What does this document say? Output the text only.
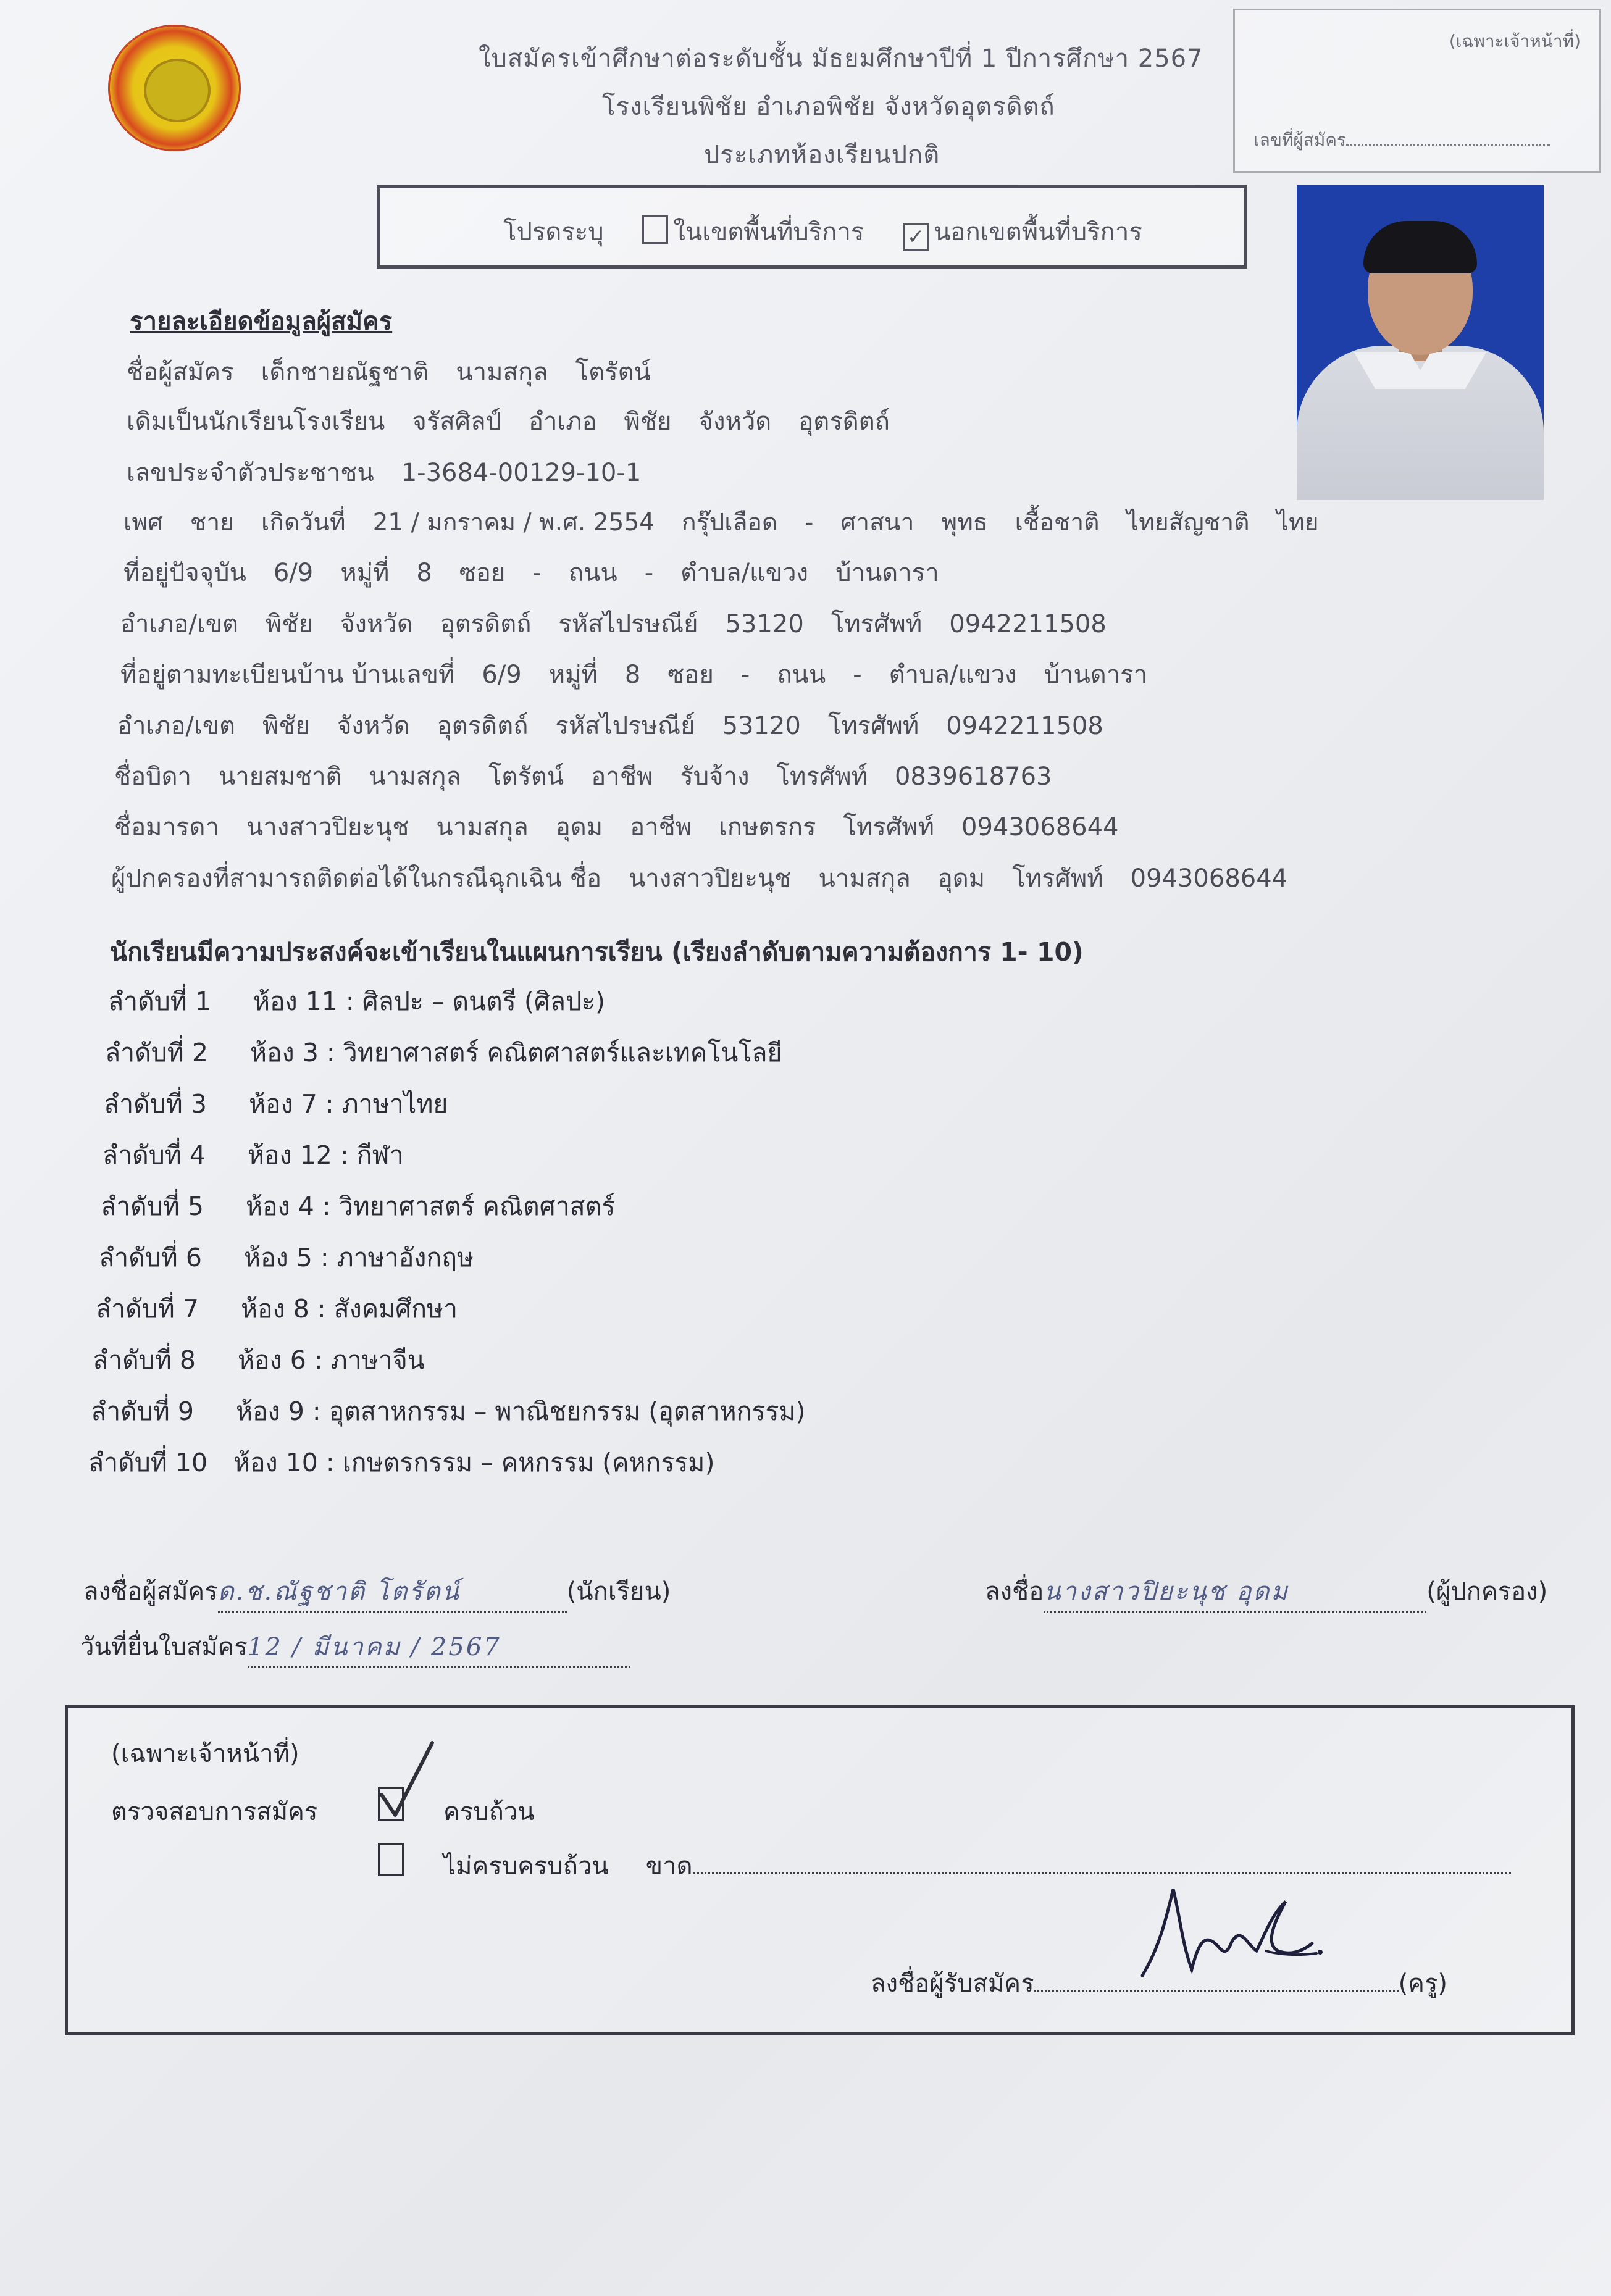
ใบสมัครเข้าศึกษาต่อระดับชั้น มัธยมศึกษาปีที่ 1 ปีการศึกษา 2567
โรงเรียนพิชัย อำเภอพิชัย จังหวัดอุตรดิตถ์
ประเภทห้องเรียนปกติ
(เฉพาะเจ้าหน้าที่)
เลขที่ผู้สมัคร
โปรดระบุ	ในเขตพื้นที่บริการ ✓ นอกเขตพื้นที่บริการ
รายละเอียดข้อมูลผู้สมัคร
ชื่อผู้สมัคร เด็กชายณัฐชาติ นามสกุล โตรัตน์
เดิมเป็นนักเรียนโรงเรียน จรัสศิลป์ อำเภอ พิชัย จังหวัด อุตรดิตถ์
เลขประจำตัวประชาชน 1-3684-00129-10-1
เพศ ชาย เกิดวันที่ 21 / มกราคม / พ.ศ. 2554 กรุ๊ปเลือด - ศาสนา พุทธ เชื้อชาติ ไทยสัญชาติ ไทย
ที่อยู่ปัจจุบัน 6/9 หมู่ที่ 8 ซอย - ถนน - ตำบล/แขวง บ้านดารา
อำเภอ/เขต พิชัย จังหวัด อุตรดิตถ์ รหัสไปรษณีย์ 53120 โทรศัพท์ 0942211508
ที่อยู่ตามทะเบียนบ้าน บ้านเลขที่ 6/9 หมู่ที่ 8 ซอย - ถนน - ตำบล/แขวง บ้านดารา
อำเภอ/เขต พิชัย จังหวัด อุตรดิตถ์ รหัสไปรษณีย์ 53120 โทรศัพท์ 0942211508
ชื่อบิดา นายสมชาติ นามสกุล โตรัตน์ อาชีพ รับจ้าง โทรศัพท์ 0839618763
ชื่อมารดา นางสาวปิยะนุช นามสกุล อุดม อาชีพ เกษตรกร โทรศัพท์ 0943068644
ผู้ปกครองที่สามารถติดต่อได้ในกรณีฉุกเฉิน ชื่อ นางสาวปิยะนุช นามสกุล อุดม โทรศัพท์ 0943068644
นักเรียนมีความประสงค์จะเข้าเรียนในแผนการเรียน (เรียงลำดับตามความต้องการ 1- 10)
ลำดับที่ 1 ห้อง 11 : ศิลปะ – ดนตรี (ศิลปะ)
ลำดับที่ 2 ห้อง 3 : วิทยาศาสตร์ คณิตศาสตร์และเทคโนโลยี
ลำดับที่ 3 ห้อง 7 : ภาษาไทย
ลำดับที่ 4 ห้อง 12 : กีฬา
ลำดับที่ 5 ห้อง 4 : วิทยาศาสตร์ คณิตศาสตร์
ลำดับที่ 6 ห้อง 5 : ภาษาอังกฤษ
ลำดับที่ 7 ห้อง 8 : สังคมศึกษา
ลำดับที่ 8 ห้อง 6 : ภาษาจีน
ลำดับที่ 9 ห้อง 9 : อุตสาหกรรม – พาณิชยกรรม (อุตสาหกรรม)
ลำดับที่ 10 ห้อง 10 : เกษตรกรรม – คหกรรม (คหกรรม)
ลงชื่อผู้สมัครด.ช.ณัฐชาติ โตรัตน์	(นักเรียน)	ลงชื่อนางสาวปิยะนุช อุดม	(ผู้ปกครอง)
วันที่ยื่นใบสมัคร12 / มีนาคม / 2567
(เฉพาะเจ้าหน้าที่)
ตรวจสอบการสมัคร	ครบถ้วน
ไม่ครบครบถ้วน ขาด
ลงชื่อผู้รับสมัคร	(ครู)
